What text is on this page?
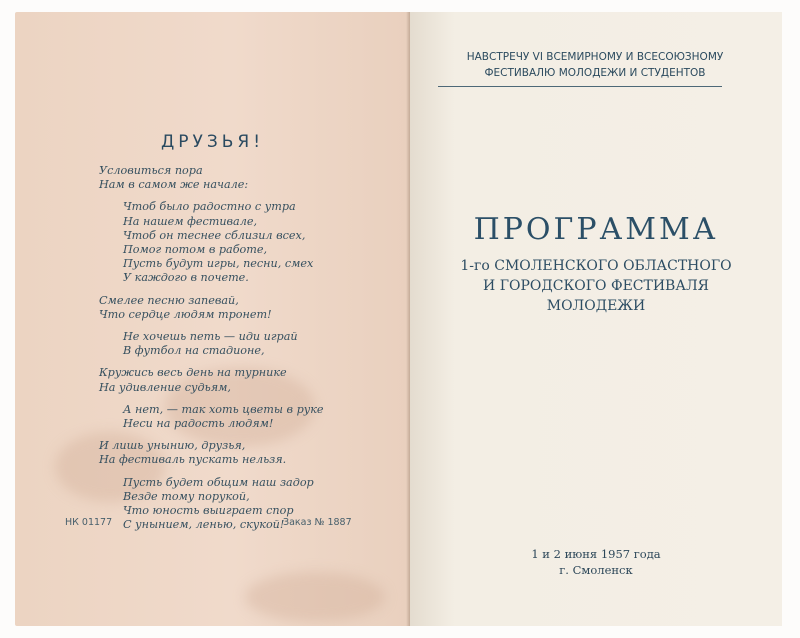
ДРУЗЬЯ!
Условиться пора
Нам в самом же начале:
Чтоб было радостно с утра
На нашем фестивале,
Чтоб он теснее сблизил всех,
Помог потом в работе,
Пусть будут игры, песни, смех
У каждого в почете.
Смелее песню запевай,
Что сердце людям тронет!
Не хочешь петь — иди играй
В футбол на стадионе,
Кружись весь день на турнике
На удивление судьям,
А нет, — так хоть цветы в руке
Неси на радость людям!
И лишь унынию, друзья,
На фестиваль пускать нельзя.
Пусть будет общим наш задор
Везде тому порукой,
Что юность выиграет спор
С унынием, ленью, скукой!
НК 01177	Заказ № 1887
НАВСТРЕЧУ VI ВСЕМИРНОМУ И ВСЕСОЮЗНОМУ
ФЕСТИВАЛЮ МОЛОДЕЖИ И СТУДЕНТОВ
ПРОГРАММА
1-го СМОЛЕНСКОГО ОБЛАСТНОГО
И ГОРОДСКОГО ФЕСТИВАЛЯ
МОЛОДЕЖИ
1 и 2 июня 1957 года
г. Смоленск
